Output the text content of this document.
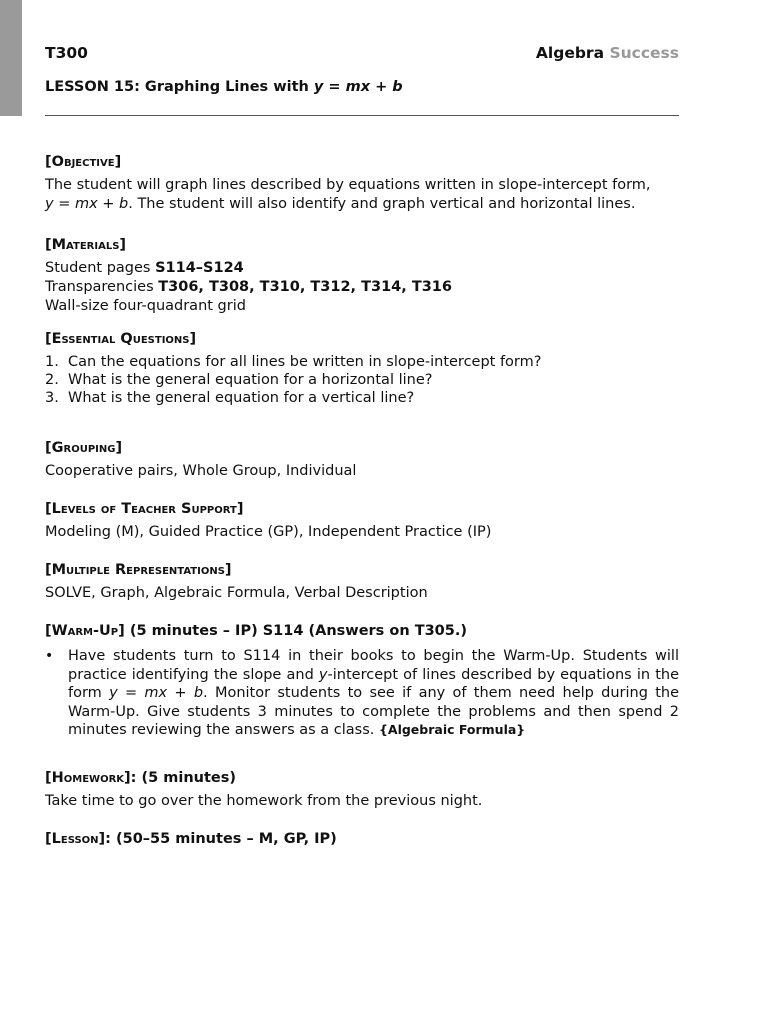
T300	Algebra Success
LESSON 15: Graphing Lines with y = mx + b
[Objective]
The student will graph lines described by equations written in slope-intercept form,
y = mx + b. The student will also identify and graph vertical and horizontal lines.
[Materials]
Student pages S114–S124
Transparencies T306, T308, T310, T312, T314, T316
Wall-size four-quadrant grid
[Essential Questions]
1. Can the equations for all lines be written in slope-intercept form?
2. What is the general equation for a horizontal line?
3. What is the general equation for a vertical line?
[Grouping]
Cooperative pairs, Whole Group, Individual
[Levels of Teacher Support]
Modeling (M), Guided Practice (GP), Independent Practice (IP)
[Multiple Representations]
SOLVE, Graph, Algebraic Formula, Verbal Description
[Warm-Up] (5 minutes – IP) S114 (Answers on T305.)
•	Have students turn to S114 in their books to begin the Warm-Up. Students will practice identifying the slope and y-intercept of lines described by equations in the form y = mx + b. Monitor students to see if any of them need help during the Warm-Up. Give students 3 minutes to complete the problems and then spend 2 minutes reviewing the answers as a class. {Algebraic Formula}
[Homework]: (5 minutes)
Take time to go over the homework from the previous night.
[Lesson]: (50–55 minutes – M, GP, IP)
